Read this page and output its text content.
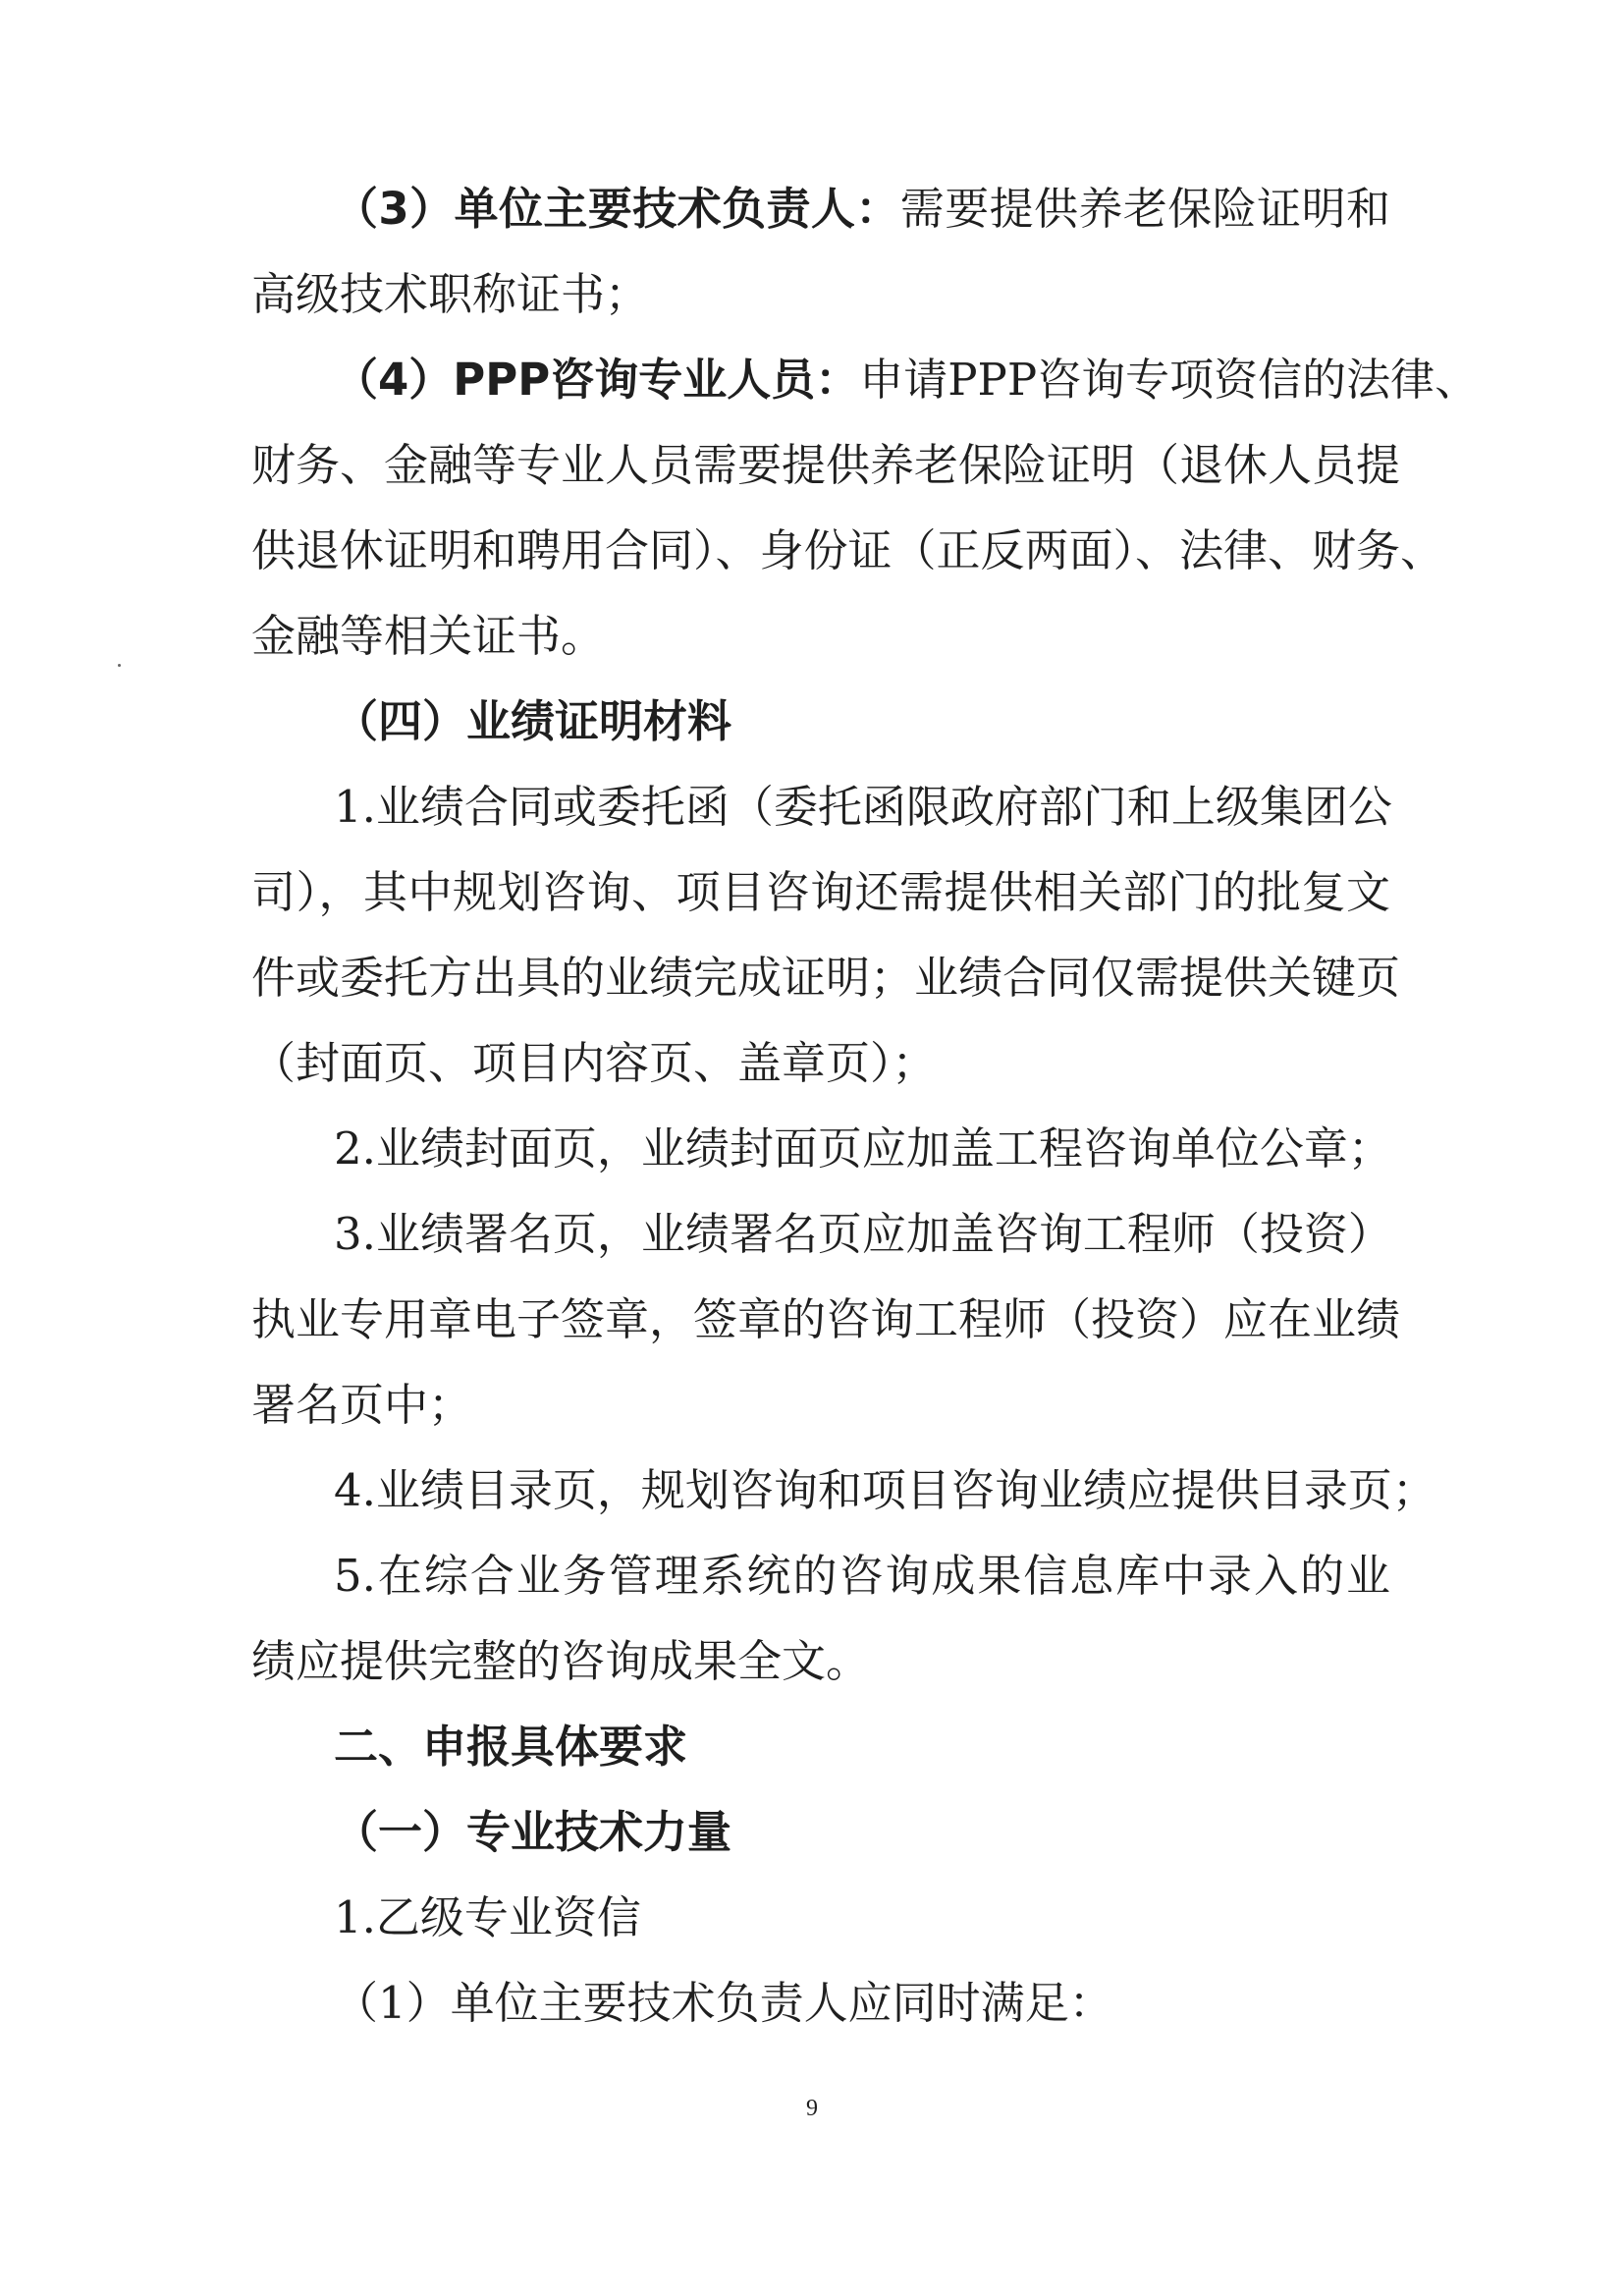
（3）单位主要技术负责人：需要提供养老保险证明和
高级技术职称证书；
（4）PPP咨询专业人员：申请PPP咨询专项资信的法律、
财务、金融等专业人员需要提供养老保险证明（退休人员提
供退休证明和聘用合同）、身份证（正反两面）、法律、财务、
金融等相关证书。
（四）业绩证明材料
1.业绩合同或委托函（委托函限政府部门和上级集团公
司），其中规划咨询、项目咨询还需提供相关部门的批复文
件或委托方出具的业绩完成证明；业绩合同仅需提供关键页
（封面页、项目内容页、盖章页）；
2.业绩封面页，业绩封面页应加盖工程咨询单位公章；
3.业绩署名页，业绩署名页应加盖咨询工程师（投资）
执业专用章电子签章，签章的咨询工程师（投资）应在业绩
署名页中；
4.业绩目录页，规划咨询和项目咨询业绩应提供目录页；
5.在综合业务管理系统的咨询成果信息库中录入的业
绩应提供完整的咨询成果全文。
二、申报具体要求
（一）专业技术力量
1.乙级专业资信
（1）单位主要技术负责人应同时满足：
9
